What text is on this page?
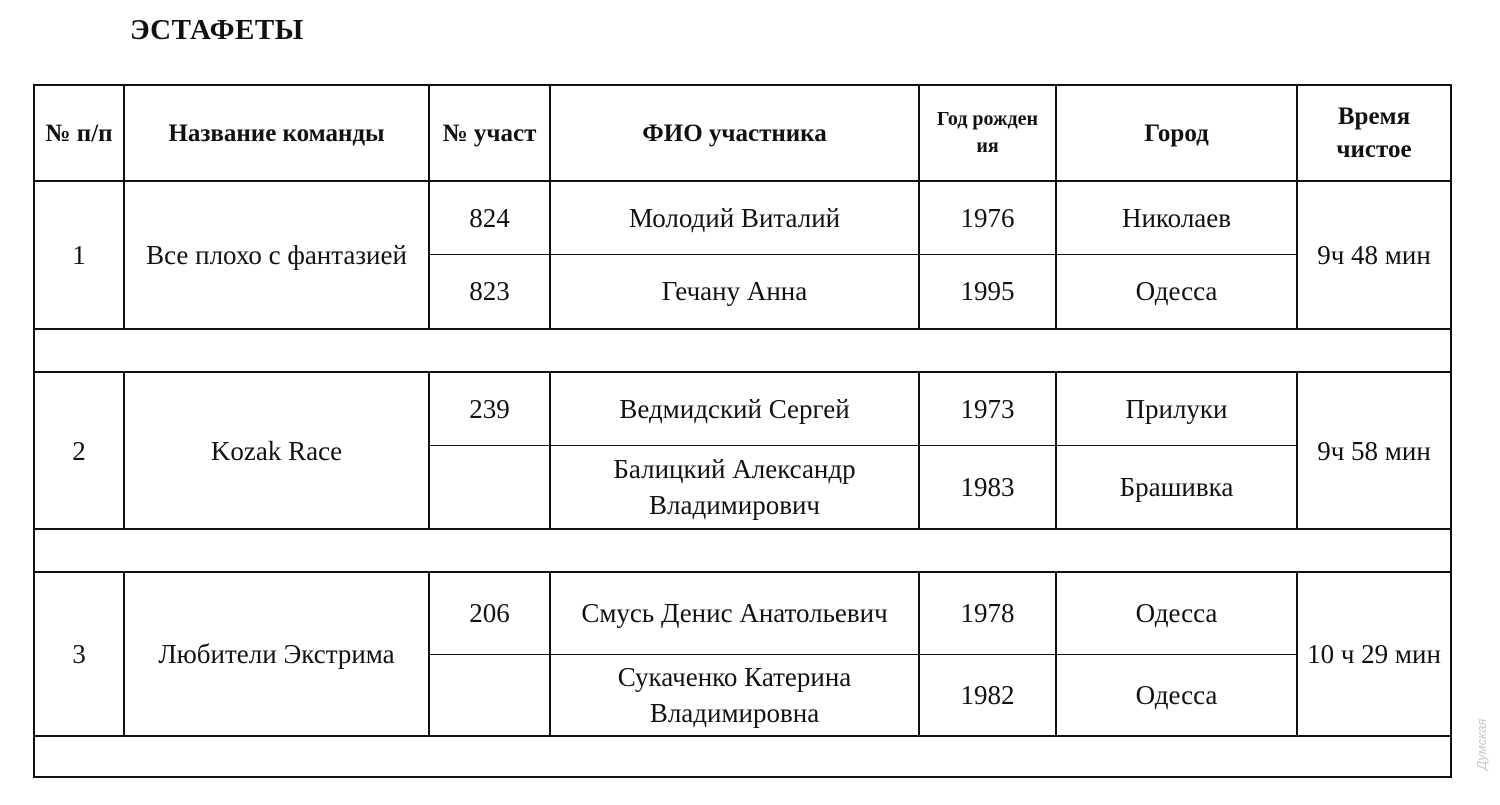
ЭСТАФЕТЫ
№ п/п	Название команды	№ участ	ФИО участника	Год рождения	Город	Время чистое
1	Все плохо с фантазией	824	Молодий Виталий	1976	Николаев	9ч 48 мин
		823	Гечану Анна	1995	Одесса	

2	Kozak Race	239	Ведмидский Сергей	1973	Прилуки	9ч 58 мин
			Балицкий Александр Владимирович	1983	Брашивка	

3	Любители Экстрима	206	Смусь Денис Анатольевич	1978	Одесса	10 ч 29 мин
			Сукаченко Катерина Владимировна	1982	Одесса	

Думская
